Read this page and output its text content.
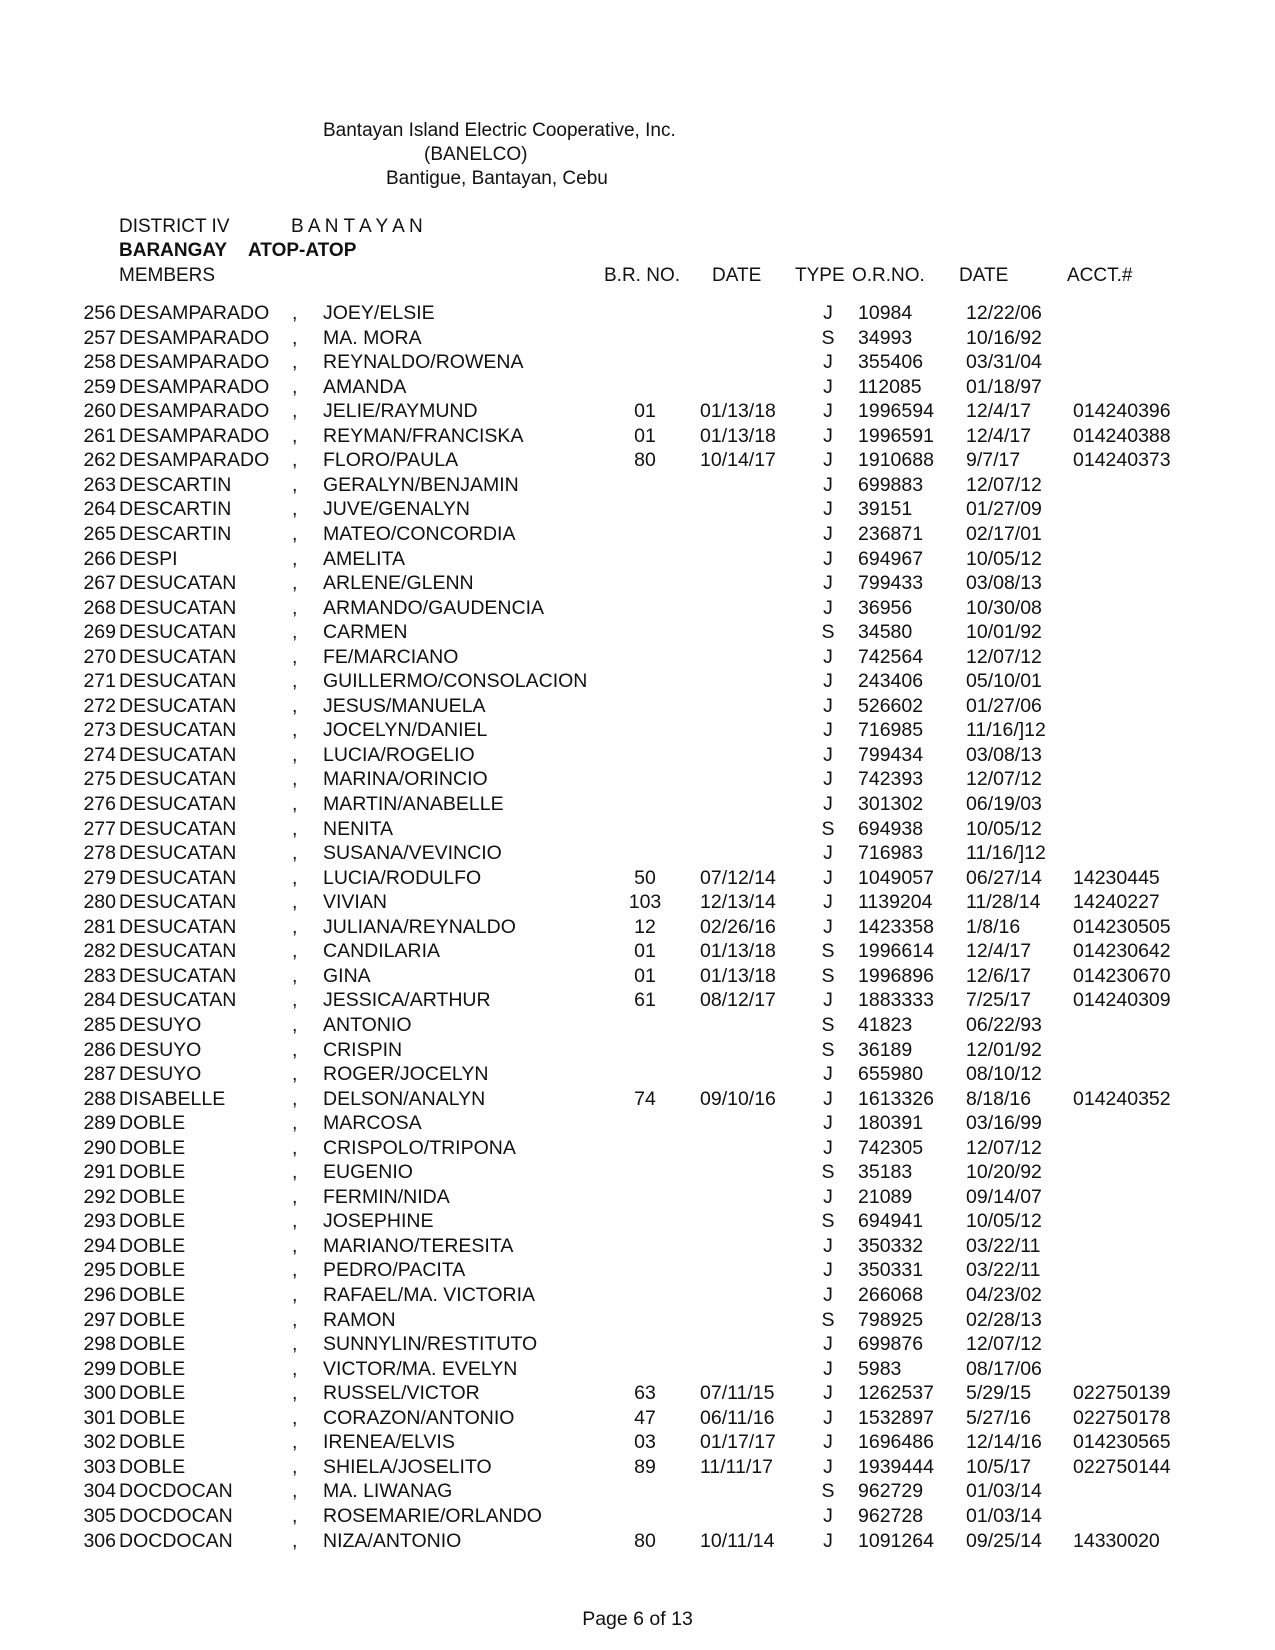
Bantayan Island Electric Cooperative, Inc.
(BANELCO)
Bantigue, Bantayan, Cebu
DISTRICT IV	B A N T A Y A N
BARANGAY ATOP-ATOP
MEMBERS	B.R. NO. DATE TYPE O.R.NO. DATE	ACCT.#
256 DESAMPARADO , JOEY/ELSIE	J 10984	12/22/06
257 DESAMPARADO , MA. MORA	S 34993	10/16/92
258 DESAMPARADO , REYNALDO/ROWENA	J 355406 03/31/04
259 DESAMPARADO , AMANDA	J 112085 01/18/97
260 DESAMPARADO , JELIE/RAYMUND	01	01/13/18 J 1996594 12/4/17 014240396
261 DESAMPARADO , REYMAN/FRANCISKA	01	01/13/18 J 1996591 12/4/17 014240388
262 DESAMPARADO , FLORO/PAULA	80	10/14/17 J 1910688 9/7/17	014240373
263 DESCARTIN	, GERALYN/BENJAMIN	J 699883 12/07/12
264 DESCARTIN	, JUVE/GENALYN	J 39151	01/27/09
265 DESCARTIN	, MATEO/CONCORDIA	J 236871 02/17/01
266 DESPI	, AMELITA	J 694967 10/05/12
267 DESUCATAN	, ARLENE/GLENN	J 799433 03/08/13
268 DESUCATAN	, ARMANDO/GAUDENCIA	J 36956	10/30/08
269 DESUCATAN	, CARMEN	S 34580	10/01/92
270 DESUCATAN	, FE/MARCIANO	J 742564 12/07/12
271 DESUCATAN	, GUILLERMO/CONSOLACION	J 243406 05/10/01
272 DESUCATAN	, JESUS/MANUELA	J 526602 01/27/06
273 DESUCATAN	, JOCELYN/DANIEL	J 716985 11/16/]12
274 DESUCATAN	, LUCIA/ROGELIO	J 799434 03/08/13
275 DESUCATAN	, MARINA/ORINCIO	J 742393 12/07/12
276 DESUCATAN	, MARTIN/ANABELLE	J 301302 06/19/03
277 DESUCATAN	, NENITA	S 694938 10/05/12
278 DESUCATAN	, SUSANA/VEVINCIO	J 716983 11/16/]12
279 DESUCATAN	, LUCIA/RODULFO	50	07/12/14 J 1049057 06/27/14 14230445
280 DESUCATAN	, VIVIAN	103	12/13/14 J 1139204 11/28/14 14240227
281 DESUCATAN	, JULIANA/REYNALDO	12	02/26/16 J 1423358 1/8/16	014230505
282 DESUCATAN	, CANDILARIA	01	01/13/18 S 1996614 12/4/17 014230642
283 DESUCATAN	, GINA	01	01/13/18 S 1996896 12/6/17 014230670
284 DESUCATAN	, JESSICA/ARTHUR	61	08/12/17 J 1883333 7/25/17 014240309
285 DESUYO	, ANTONIO	S 41823	06/22/93
286 DESUYO	, CRISPIN	S 36189	12/01/92
287 DESUYO	, ROGER/JOCELYN	J 655980 08/10/12
288 DISABELLE	, DELSON/ANALYN	74	09/10/16 J 1613326 8/18/16 014240352
289 DOBLE	, MARCOSA	J 180391 03/16/99
290 DOBLE	, CRISPOLO/TRIPONA	J 742305 12/07/12
291 DOBLE	, EUGENIO	S 35183	10/20/92
292 DOBLE	, FERMIN/NIDA	J 21089	09/14/07
293 DOBLE	, JOSEPHINE	S 694941 10/05/12
294 DOBLE	, MARIANO/TERESITA	J 350332 03/22/11
295 DOBLE	, PEDRO/PACITA	J 350331 03/22/11
296 DOBLE	, RAFAEL/MA. VICTORIA	J 266068 04/23/02
297 DOBLE	, RAMON	S 798925 02/28/13
298 DOBLE	, SUNNYLIN/RESTITUTO	J 699876 12/07/12
299 DOBLE	, VICTOR/MA. EVELYN	J 5983	08/17/06
300 DOBLE	, RUSSEL/VICTOR	63	07/11/15 J 1262537 5/29/15 022750139
301 DOBLE	, CORAZON/ANTONIO	47	06/11/16 J 1532897 5/27/16 022750178
302 DOBLE	, IRENEA/ELVIS	03	01/17/17 J 1696486 12/14/16 014230565
303 DOBLE	, SHIELA/JOSELITO	89	11/11/17	J 1939444 10/5/17 022750144
304 DOCDOCAN	, MA. LIWANAG	S 962729 01/03/14
305 DOCDOCAN	, ROSEMARIE/ORLANDO	J 962728 01/03/14
306 DOCDOCAN	, NIZA/ANTONIO	80	10/11/14 J 1091264 09/25/14 14330020
Page 6 of 13
